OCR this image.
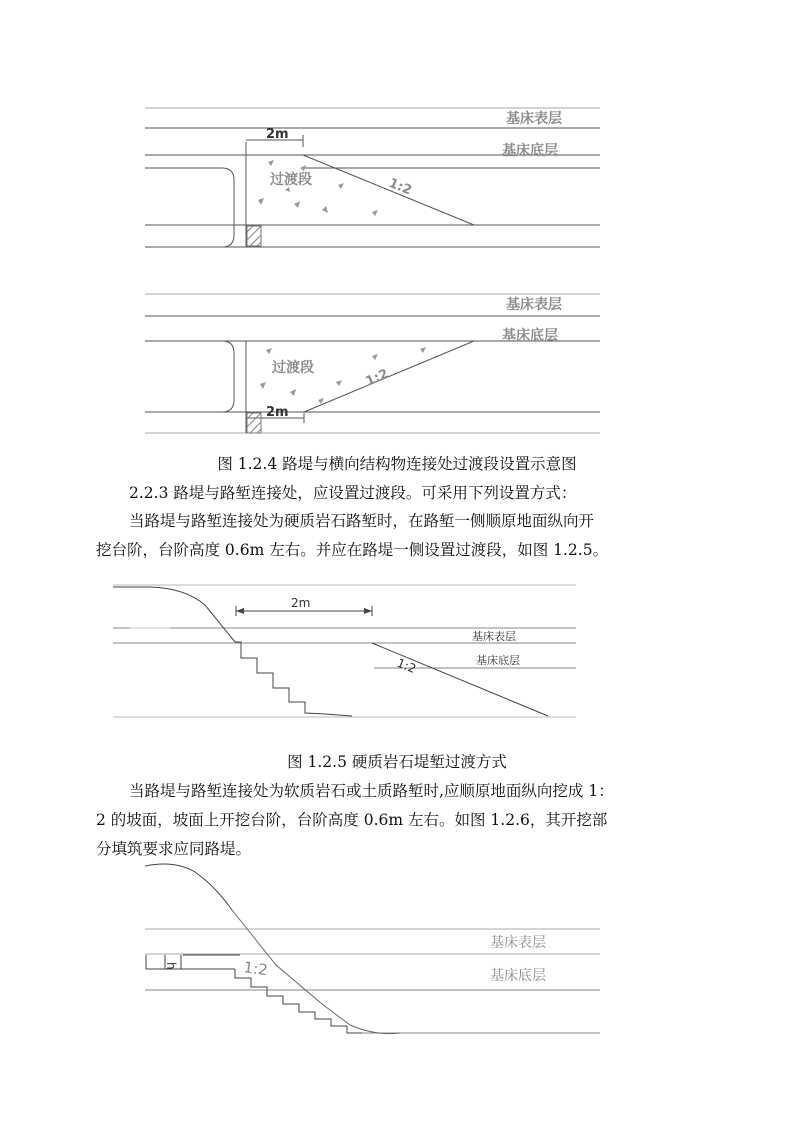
基床表层
基床底层
2m
过渡段	1:2
基床表层
基床底层
2m
过渡段	1:2
图 1.2.4 路堤与横向结构物连接处过渡段设置示意图
2.2.3 路堤与路堑连接处，应设置过渡段。可采用下列设置方式：
当路堤与路堑连接处为硬质岩石路堑时，在路堑一侧顺原地面纵向开
挖台阶，台阶高度 0.6m 左右。并应在路堤一侧设置过渡段，如图 1.2.5。
2m
基床表层
基床底层
1:2
图 1.2.5 硬质岩石堤堑过渡方式
当路堤与路堑连接处为软质岩石或土质路堑时,应顺原地面纵向挖成 1：
2 的坡面，坡面上开挖台阶，台阶高度 0.6m 左右。如图 1.2.6，其开挖部
分填筑要求应同路堤。
h	1:2
基床表层
基床底层
